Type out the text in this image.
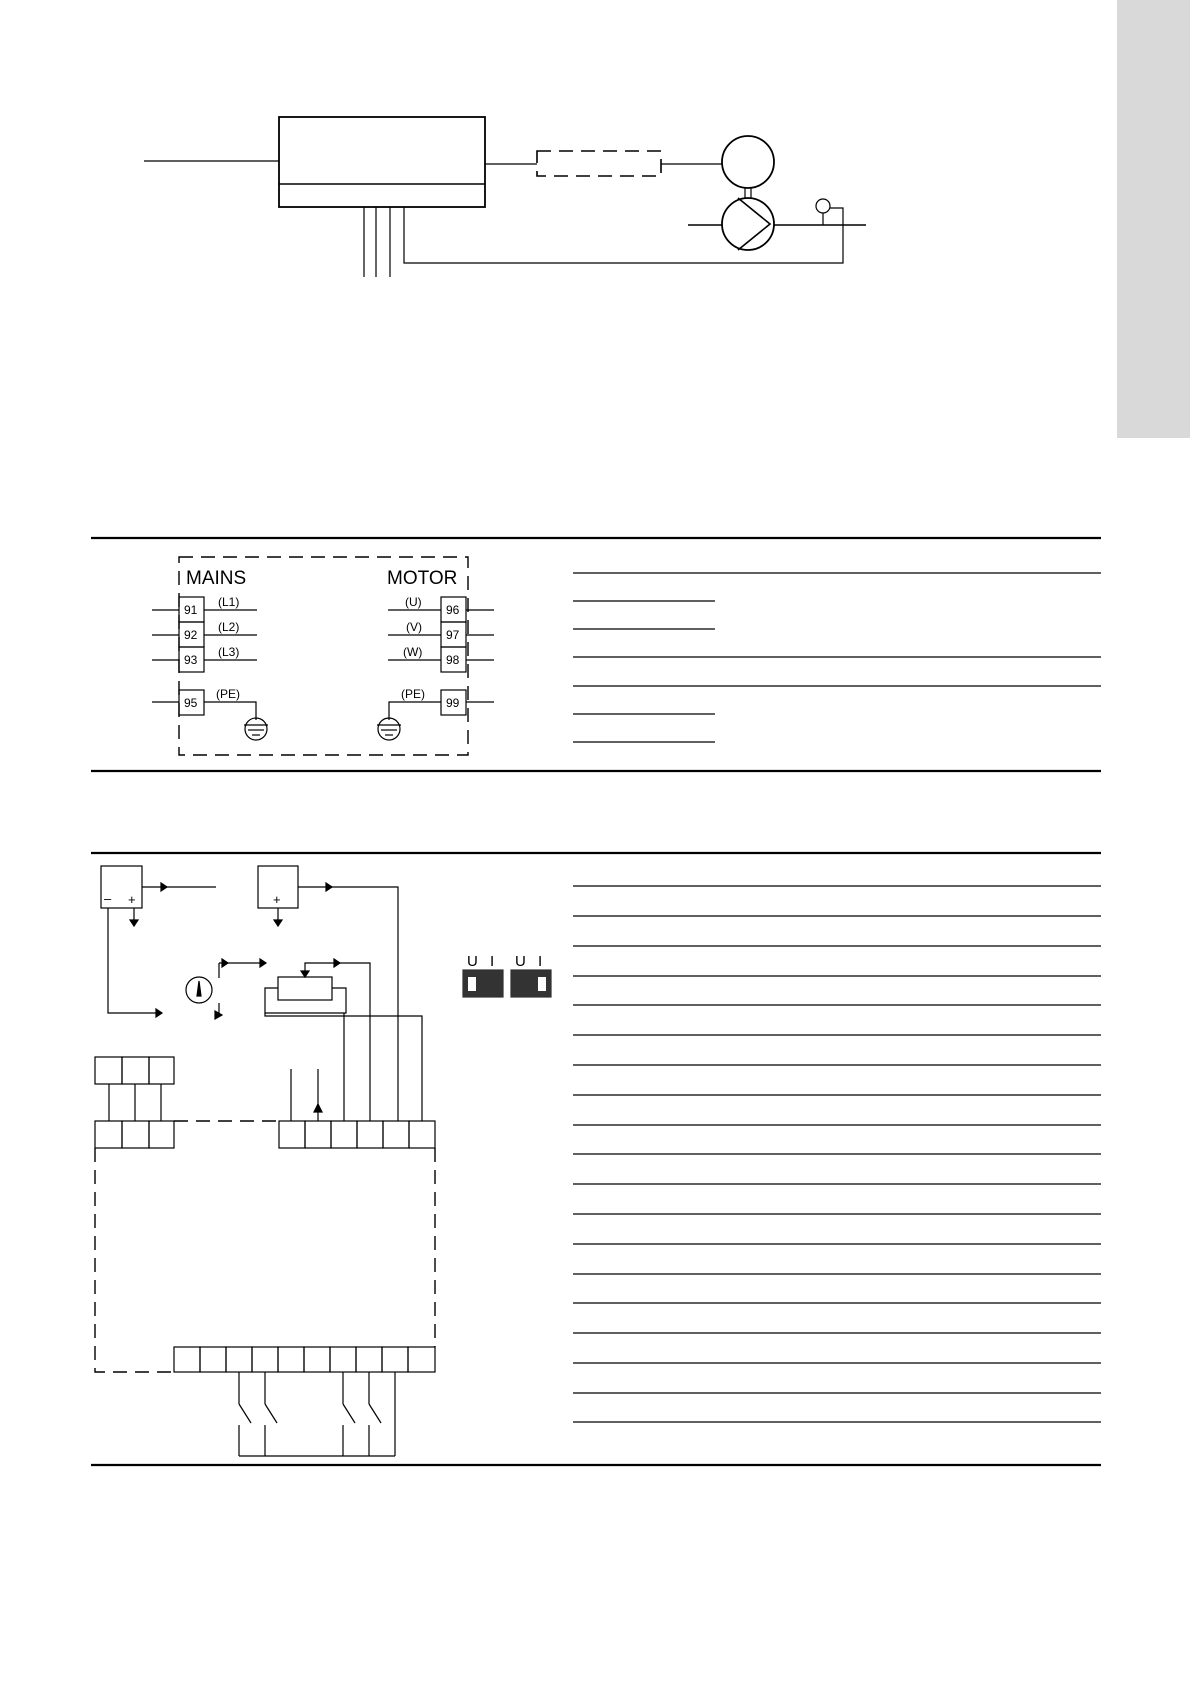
MAINS	MOTOR
91
92
93
95
(L1)
(L2)
(L3)
(PE)
96
97
98
99
(U)
(V)
(W)
(PE)
– +	+
U I U I
